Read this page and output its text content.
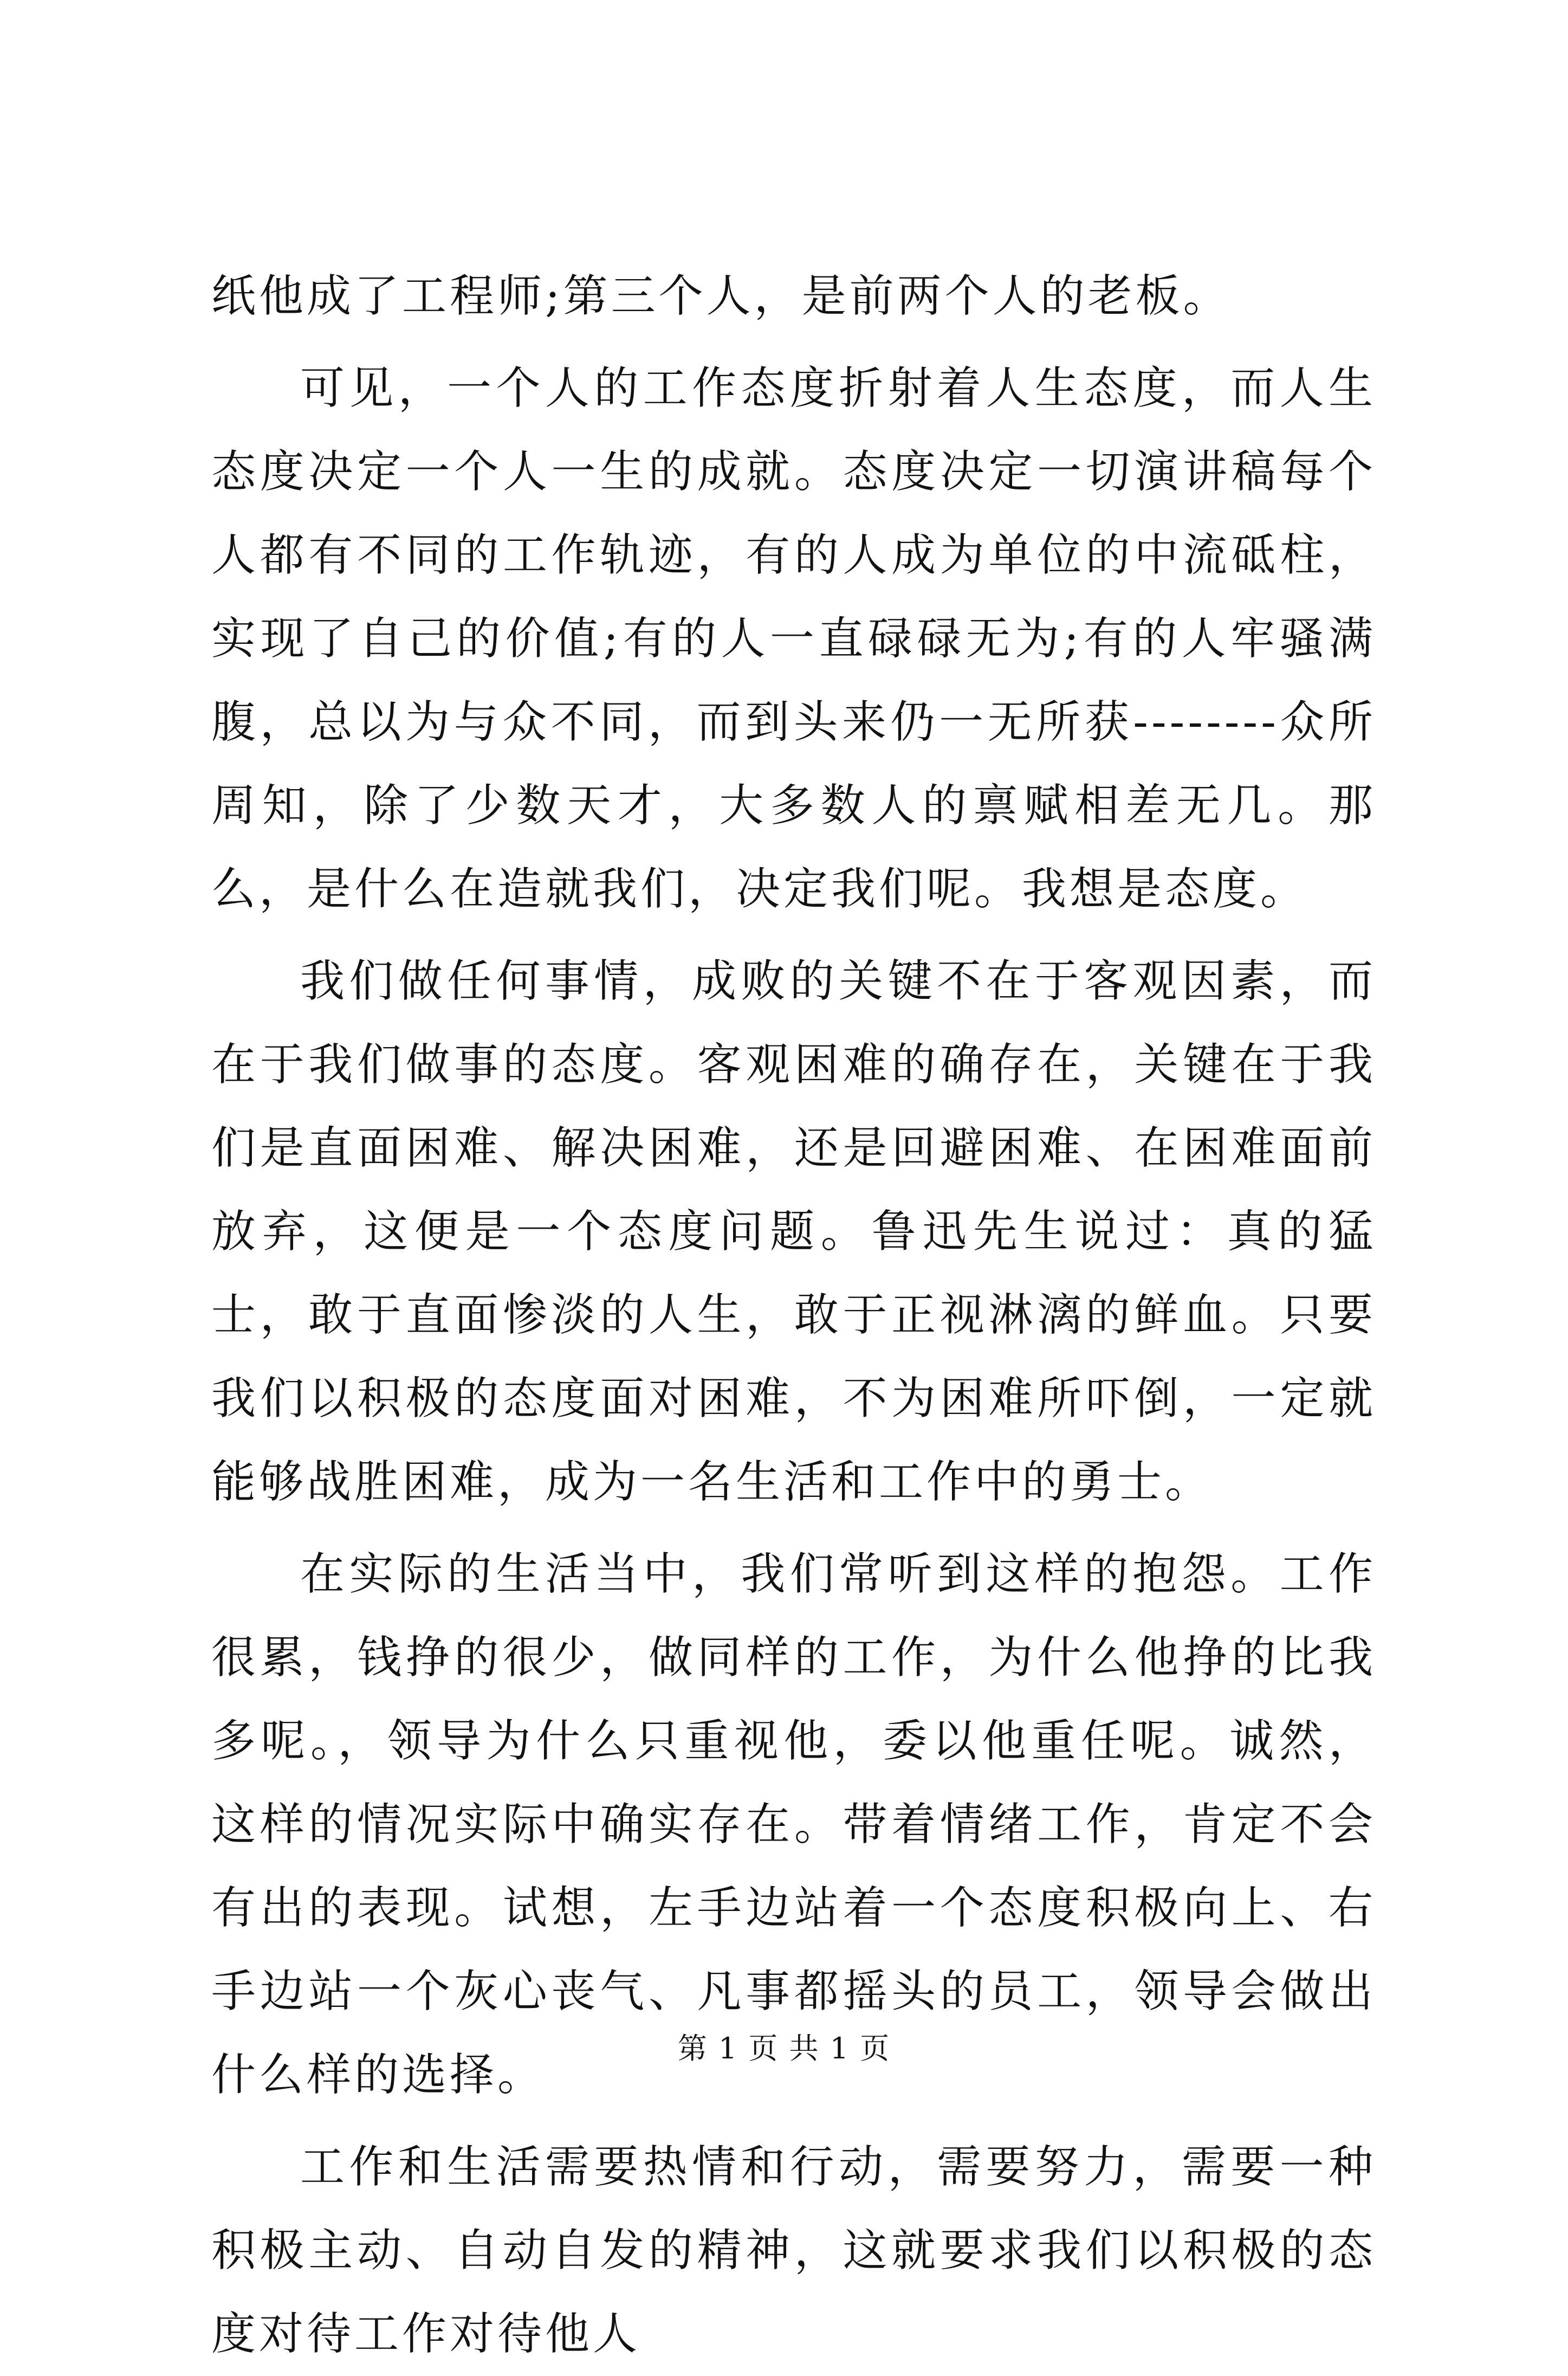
纸他成了工程师;第三个人，是前两个人的老板。

可见，一个人的工作态度折射着人生态度，而人生态度决定一个人一生的成就。态度决定一切演讲稿每个人都有不同的工作轨迹，有的人成为单位的中流砥柱，实现了自己的价值;有的人一直碌碌无为;有的人牢骚满腹，总以为与众不同，而到头来仍一无所获--------众所周知，除了少数天才，大多数人的禀赋相差无几。那么，是什么在造就我们，决定我们呢。我想是态度。

我们做任何事情，成败的关键不在于客观因素，而在于我们做事的态度。客观困难的确存在，关键在于我们是直面困难、解决困难，还是回避困难、在困难面前放弃，这便是一个态度问题。鲁迅先生说过：真的猛士，敢于直面惨淡的人生，敢于正视淋漓的鲜血。只要我们以积极的态度面对困难，不为困难所吓倒，一定就能够战胜困难，成为一名生活和工作中的勇士。

在实际的生活当中，我们常听到这样的抱怨。工作很累，钱挣的很少，做同样的工作，为什么他挣的比我多呢。，领导为什么只重视他，委以他重任呢。诚然，这样的情况实际中确实存在。带着情绪工作，肯定不会有出的表现。试想，左手边站着一个态度积极向上、右手边站一个灰心丧气、凡事都摇头的员工，领导会做出什么样的选择。

工作和生活需要热情和行动，需要努力，需要一种积极主动、自动自发的精神，这就要求我们以积极的态度对待工作对待他人

第 1 页 共 1 页
